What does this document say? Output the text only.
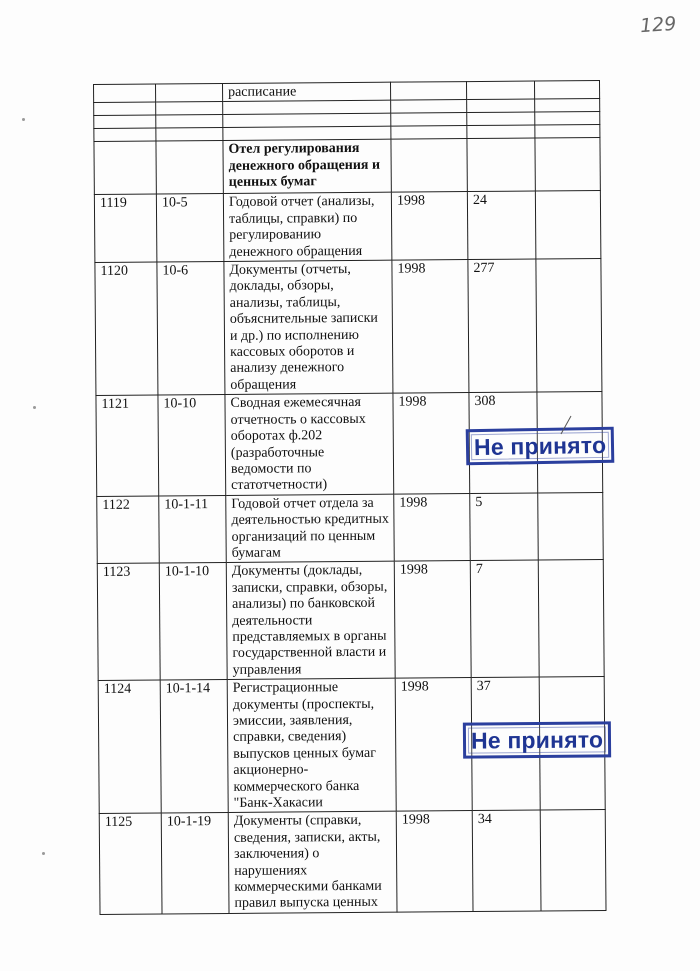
129
		расписание			

		Отел регулирования денежного обращения и ценных бумаг			
1119	10-5	Годовой отчет (анализы, таблицы, справки) по регулированию денежного обращения	1998	24	
1120	10-6	Документы (отчеты, доклады, обзоры, анализы, таблицы, объяснительные записки и др.) по исполнению кассовых оборотов и анализу денежного обращения	1998	277	
1121	10-10	Сводная ежемесячная отчетность о кассовых оборотах ф.202 (разработочные ведомости по статотчетности)	1998	308	
1122	10-1-11	Годовой отчет отдела за деятельностью кредитных организаций по ценным бумагам	1998	5	
1123	10-1-10	Документы (доклады, записки, справки, обзоры, анализы) по банковской деятельности представляемых в органы государственной власти и управления	1998	7	
1124	10-1-14	Регистрационные документы (проспекты, эмиссии, заявления, справки, сведения) выпусков ценных бумаг акционерно-коммерческого банка "Банк-Хакасии	1998	37	
1125	10-1-19	Документы (справки, сведения, записки, акты, заключения) о нарушениях коммерческими банками правил выпуска ценных	1998	34	
Не принято
Не принято
